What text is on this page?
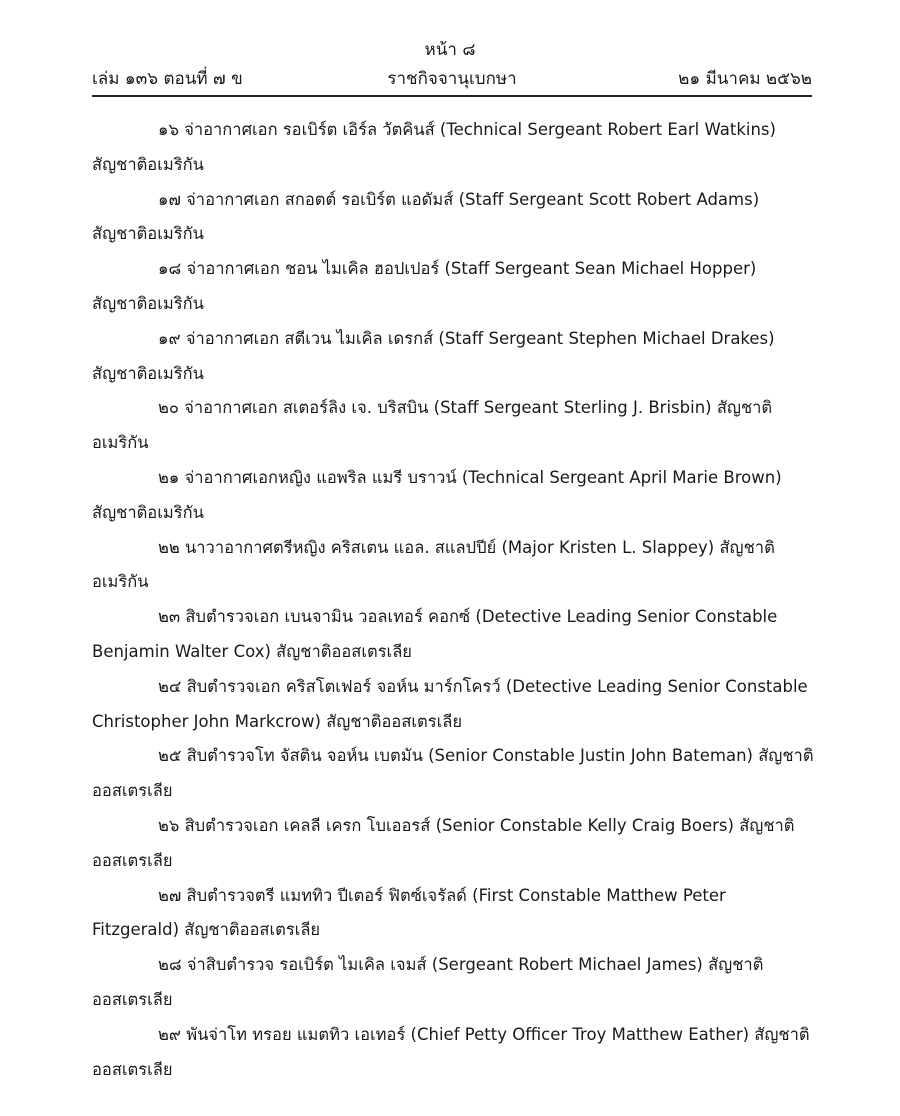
หน้า ๘
ราชกิจจานุเบกษา
เล่ม ๑๓๖ ตอนที่ ๗ ข	๒๑ มีนาคม ๒๕๖๒

๑๖ จ่าอากาศเอก รอเบิร์ต เอิร์ล วัตคินส์ (Technical Sergeant Robert Earl Watkins) สัญชาติอเมริกัน

๑๗ จ่าอากาศเอก สกอตต์ รอเบิร์ต แอดัมส์ (Staff Sergeant Scott Robert Adams) สัญชาติอเมริกัน

๑๘ จ่าอากาศเอก ชอน ไมเคิล ฮอปเปอร์ (Staff Sergeant Sean Michael Hopper) สัญชาติอเมริกัน

๑๙ จ่าอากาศเอก สตีเวน ไมเคิล เดรกส์ (Staff Sergeant Stephen Michael Drakes) สัญชาติอเมริกัน

๒๐ จ่าอากาศเอก สเตอร์ลิง เจ. บริสบิน (Staff Sergeant Sterling J. Brisbin) สัญชาติอเมริกัน

๒๑ จ่าอากาศเอกหญิง แอพริล แมรี บราวน์ (Technical Sergeant April Marie Brown) สัญชาติอเมริกัน

๒๒ นาวาอากาศตรีหญิง คริสเตน แอล. สแลปปีย์ (Major Kristen L. Slappey) สัญชาติอเมริกัน

๒๓ สิบตำรวจเอก เบนจามิน วอลเทอร์ คอกซ์ (Detective Leading Senior Constable Benjamin Walter Cox) สัญชาติออสเตรเลีย

๒๔ สิบตำรวจเอก คริสโตเฟอร์ จอห์น มาร์กโครว์ (Detective Leading Senior Constable Christopher John Markcrow) สัญชาติออสเตรเลีย

๒๕ สิบตำรวจโท จัสติน จอห์น เบตมัน (Senior Constable Justin John Bateman) สัญชาติออสเตรเลีย

๒๖ สิบตำรวจเอก เคลลี เครก โบเออรส์ (Senior Constable Kelly Craig Boers) สัญชาติออสเตรเลีย

๒๗ สิบตำรวจตรี แมททิว ปีเตอร์ ฟิตซ์เจรัลด์ (First Constable Matthew Peter Fitzgerald) สัญชาติออสเตรเลีย

๒๘ จ่าสิบตำรวจ รอเบิร์ต ไมเคิล เจมส์ (Sergeant Robert Michael James) สัญชาติออสเตรเลีย

๒๙ พันจ่าโท ทรอย แมตทิว เอเทอร์ (Chief Petty Officer Troy Matthew Eather) สัญชาติออสเตรเลีย
